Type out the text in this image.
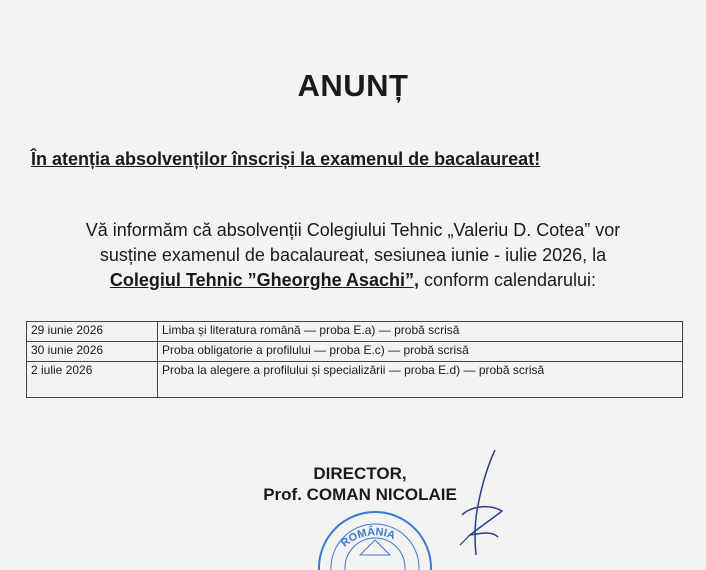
ANUNȚ
În atenția absolvenților înscriși la examenul de bacalaureat!
Vă informăm că absolvenții Colegiului Tehnic „Valeriu D. Cotea” vor
susține examenul de bacalaureat, sesiunea iunie - iulie 2026, la
Colegiul Tehnic ”Gheorghe Asachi”, conform calendarului:
29 iunie 2026	Limba și literatura română — proba E.a) — probă scrisă
30 iunie 2026	Proba obligatorie a profilului — proba E.c) — probă scrisă
2 iulie 2026	Proba la alegere a profilului și specializării — proba E.d) — probă scrisă
DIRECTOR,
Prof. COMAN NICOLAIE
ROMÂNIA
